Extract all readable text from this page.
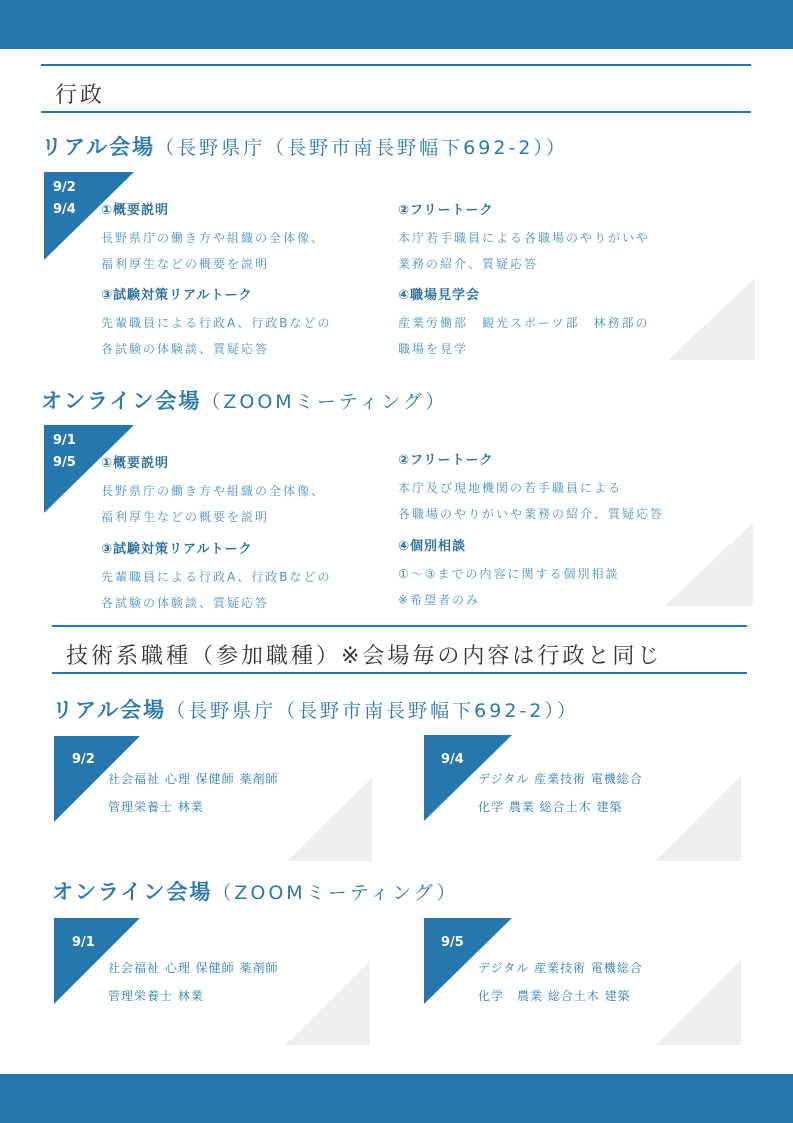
行政
リアル会場（長野県庁（長野市南長野幅下692-2））
9/2
9/4 ①概要説明
長野県庁の働き方や組織の全体像、
福利厚生などの概要を説明
②フリートーク
本庁若手職員による各職場のやりがいや
業務の紹介、質疑応答
③試験対策リアルトーク
先輩職員による行政A、行政Bなどの
各試験の体験談、質疑応答
④職場見学会
産業労働部　観光スポーツ部　林務部の
職場を見学
オンライン会場（ZOOMミーティング）
9/1
9/5 ①概要説明
長野県庁の働き方や組織の全体像、
福利厚生などの概要を説明
②フリートーク
本庁及び現地機関の若手職員による
各職場のやりがいや業務の紹介、質疑応答
③試験対策リアルトーク
先輩職員による行政A、行政Bなどの
各試験の体験談、質疑応答
④個別相談
①～③までの内容に関する個別相談
※希望者のみ
技術系職種（参加職種）※会場毎の内容は行政と同じ
リアル会場（長野県庁（長野市南長野幅下692-2））
9/2
社会福祉 心理 保健師 薬剤師
管理栄養士 林業
9/4
デジタル 産業技術 電機総合
化学 農業 総合土木 建築
オンライン会場（ZOOMミーティング）
9/1
社会福祉 心理 保健師 薬剤師
管理栄養士 林業
9/5
デジタル 産業技術 電機総合
化学　農業 総合土木 建築
